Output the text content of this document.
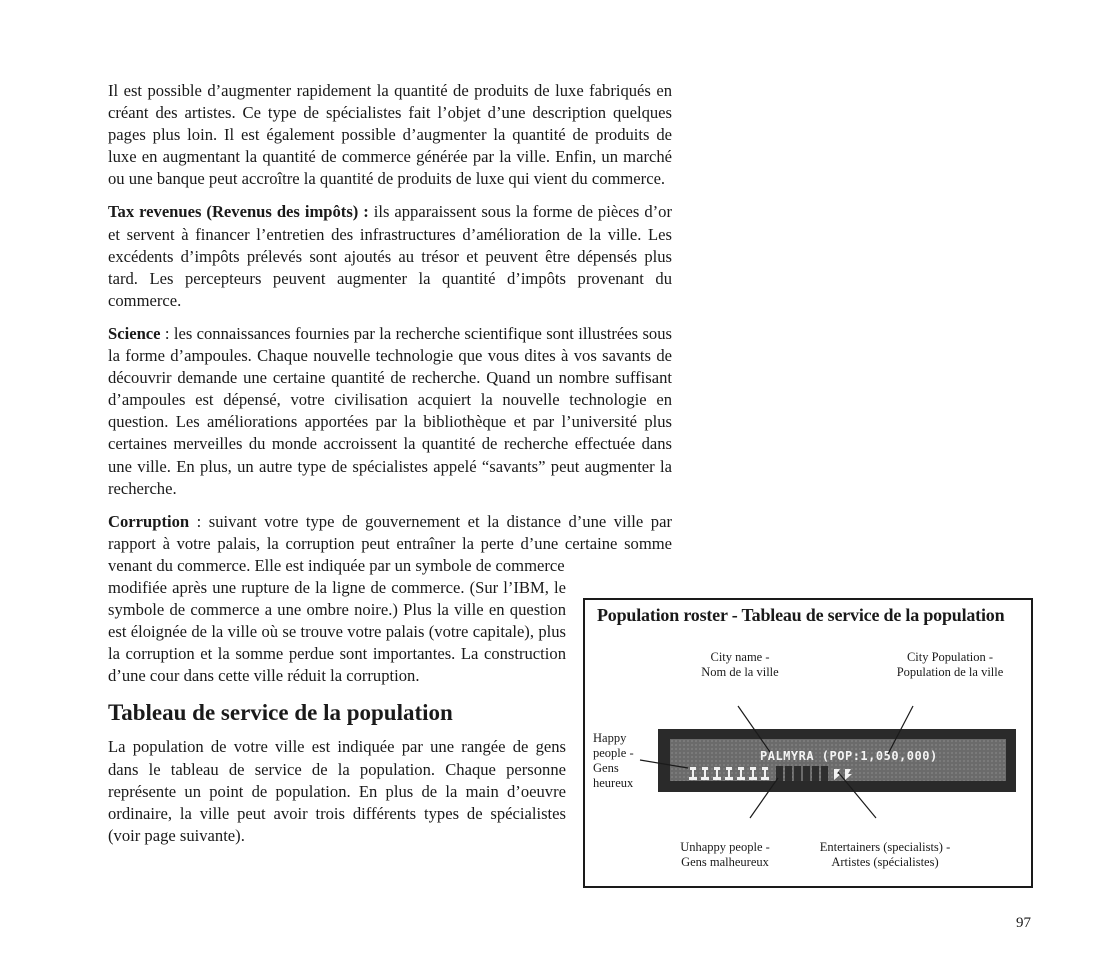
Il est possible d’augmenter rapidement la quantité de produits de luxe fabriqués en créant des artistes. Ce type de spécialistes fait l’objet d’une description quelques pages plus loin. Il est également possible d’augmenter la quantité de produits de luxe en augmentant la quantité de commerce générée par la ville. Enfin, un marché ou une banque peut accroître la quantité de produits de luxe qui vient du commerce.

Tax revenues (Revenus des impôts) : ils apparaissent sous la forme de pièces d’or et servent à financer l’entretien des infrastructures d’amélioration de la ville. Les excédents d’impôts prélevés sont ajoutés au trésor et peuvent être dépensés plus tard. Les percepteurs peuvent augmenter la quantité d’impôts provenant du commerce.

Science : les connaissances fournies par la recherche scientifique sont illustrées sous la forme d’ampoules. Chaque nouvelle technologie que vous dites à vos savants de découvrir demande une certaine quantité de recherche. Quand un nombre suffisant d’ampoules est dépensé, votre civilisation acquiert la nouvelle technologie en question. Les améliorations apportées par la bibliothèque et par l’université plus certaines merveilles du monde accroissent la quantité de recherche effectuée dans une ville. En plus, un autre type de spécialistes appelé “savants” peut augmenter la recherche.

Corruption : suivant votre type de gouvernement et la distance d’une ville par rapport à votre palais, la corruption peut entraîner la perte d’une certaine somme venant du commerce. Elle est indiquée par un symbole de commerce

modifiée après une rupture de la ligne de commerce. (Sur l’IBM, le symbole de commerce a une ombre noire.) Plus la ville en question est éloignée de la ville où se trouve votre palais (votre capitale), plus la corruption et la somme perdue sont importantes. La construction d’une cour dans cette ville réduit la corruption.

Tableau de service de la population

La population de votre ville est indiquée par une rangée de gens dans le tableau de service de la population. Chaque personne représente un point de population. En plus de la main d’oeuvre ordinaire, la ville peut avoir trois différents types de spécialistes (voir page suivante).

Population roster - Tableau de service de la population
City name -
Nom de la ville
City Population -
Population de la ville
Happy
people -
Gens
heureux
Unhappy people -
Gens malheureux
Entertainers (specialists) -
Artistes (spécialistes)
PALMYRA (POP:1,050,000)
97
